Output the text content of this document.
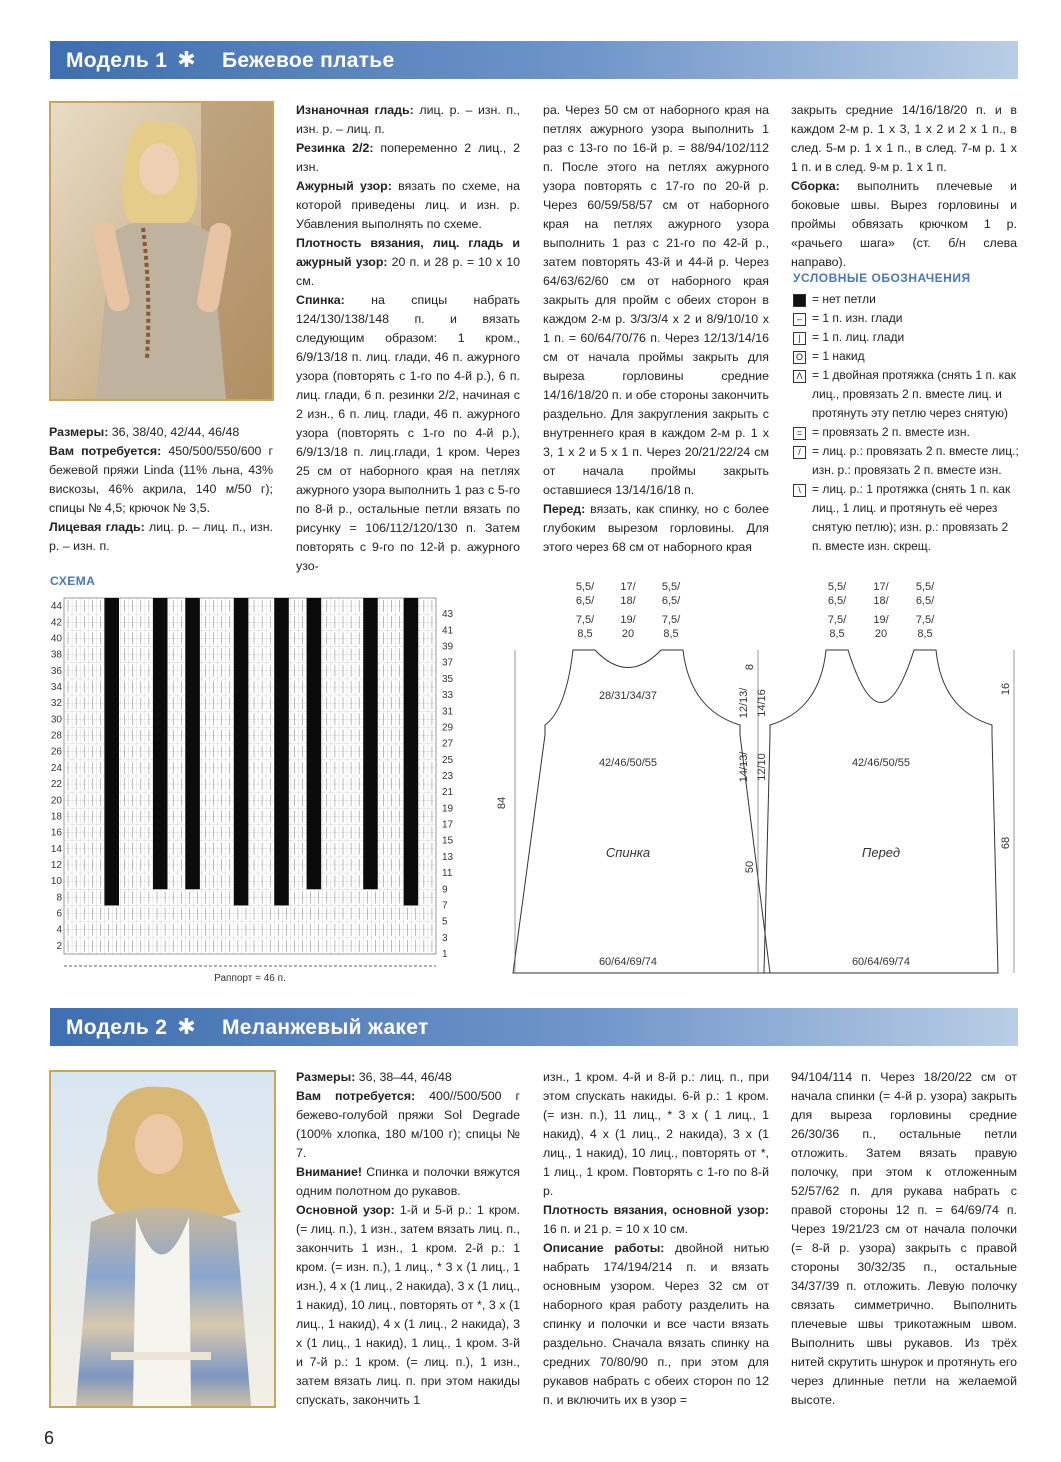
Модель 1 ✱ Бежевое платье

Размеры: 36, 38/40, 42/44, 46/48

Вам потребуется: 450/500/550/600 г бежевой пряжи Linda (11% льна, 43% вискозы, 46% акрила, 140 м/50 г); спицы № 4,5; крючок № 3,5.

Лицевая гладь: лиц. р. – лиц. п., изн. р. – изн. п.

Изнаночная гладь: лиц. р. – изн. п., изн. р. – лиц. п.

Резинка 2/2: попеременно 2 лиц., 2 изн.

Ажурный узор: вязать по схеме, на которой приведены лиц. и изн. р. Убавления выполнять по схеме.

Плотность вязания, лиц. гладь и ажурный узор: 20 п. и 28 р. = 10 х 10 см.

Спинка: на спицы набрать 124/130/138/148 п. и вязать следующим образом: 1 кром., 6/9/13/18 п. лиц. глади, 46 п. ажурного узора (повторять с 1-го по 4-й р.), 6 п. лиц. глади, 6 п. резинки 2/2, начиная с 2 изн., 6 п. лиц. глади, 46 п. ажурного узора (повторять с 1-го по 4-й р.), 6/9/13/18 п. лиц.глади, 1 кром. Через 25 см от наборного края на петлях ажурного узора выполнить 1 раз с 5-го по 8-й р., остальные петли вязать по рисунку = 106/112/120/130 п. Затем повторять с 9-го по 12-й р. ажурного узо-

ра. Через 50 см от наборного края на петлях ажурного узора выполнить 1 раз с 13-го по 16-й р. = 88/94/102/112 п. После этого на петлях ажурного узора повторять с 17-го по 20-й р. Через 60/59/58/57 см от наборного края на петлях ажурного узора выполнить 1 раз с 21-го по 42-й р., затем повторять 43-й и 44-й р. Через 64/63/62/60 см от наборного края закрыть для пройм с обеих сторон в каждом 2-м р. 3/3/3/4 х 2 и 8/9/10/10 х 1 п. = 60/64/70/76 п. Через 12/13/14/16 см от начала проймы закрыть для выреза горловины средние 14/16/18/20 п. и обе стороны закончить раздельно. Для закругления закрыть с внутреннего края в каждом 2-м р. 1 х 3, 1 х 2 и 5 х 1 п. Через 20/21/22/24 см от начала проймы закрыть оставшиеся 13/14/16/18 п.

Перед: вязать, как спинку, но с более глубоким вырезом горловины. Для этого через 68 см от наборного края

закрыть средние 14/16/18/20 п. и в каждом 2-м р. 1 х 3, 1 х 2 и 2 х 1 п., в след. 5-м р. 1 х 1 п., в след. 7-м р. 1 х 1 п. и в след. 9-м р. 1 х 1 п.

Сборка: выполнить плечевые и боковые швы. Вырез горловины и проймы обвязать крючком 1 р. «рачьего шага» (ст. б/н слева направо).

УСЛОВНЫЕ ОБОЗНАЧЕНИЯ
= нет петли
– = 1 п. изн. глади
| = 1 п. лиц. глади
O = 1 накид
Λ = 1 двойная протяжка (снять 1 п. как лиц., провязать 2 п. вместе лиц. и протянуть эту петлю через снятую)
= = провязать 2 п. вместе изн.
/ = лиц. р.: провязать 2 п. вместе лиц.; изн. р.: провязать 2 п. вместе изн.
\ = лиц. р.: 1 протяжка (снять 1 п. как лиц., 1 лиц. и протянуть её через снятую петлю); изн. р.: провязать 2 п. вместе изн. скрещ.
СХЕМА
44
42
40
38
36
34
32
30
28
26
24
22
20
18
16
14
12
10
8
6
4
2
43
41
39
37
35
33
31
29
27
25
23
21
19
17
15
13
11
9
7
5
3
1
Раппорт = 46 п.
5,5/
6,5/
7,5/
8,5
17/
18/
19/
20
5,5/
6,5/
7,5/
8,5
28/31/34/37
42/46/50/55
Спинка
60/64/69/74
84
8
12/13/ 14/16
14/13/ 12/10
50
5,5/
6,5/
7,5/
8,5
17/
18/
19/
20
5,5/
6,5/
7,5/
8,5
42/46/50/55
Перед
60/64/69/74
16
68
Модель 2 ✱ Меланжевый жакет

Размеры: 36, 38–44, 46/48

Вам потребуется: 400//500/500 г бежево-голубой пряжи Sol Degrade (100% хлопка, 180 м/100 г); спицы № 7.

Внимание! Спинка и полочки вяжутся одним полотном до рукавов.

Основной узор: 1-й и 5-й р.: 1 кром. (= лиц. п.), 1 изн., затем вязать лиц. п., закончить 1 изн., 1 кром. 2-й р.: 1 кром. (= изн. п.), 1 лиц., * 3 х (1 лиц., 1 изн.), 4 х (1 лиц., 2 накида), 3 х (1 лиц., 1 накид), 10 лиц., повторять от *, 3 х (1 лиц., 1 накид), 4 х (1 лиц., 2 накида), 3 х (1 лиц., 1 накид), 1 лиц., 1 кром. 3-й и 7-й р.: 1 кром. (= лиц. п.), 1 изн., затем вязать лиц. п. при этом накиды спускать, закончить 1

изн., 1 кром. 4-й и 8-й р.: лиц. п., при этом спускать накиды. 6-й р.: 1 кром. (= изн. п.), 11 лиц., * 3 х ( 1 лиц., 1 накид), 4 х (1 лиц., 2 накида), 3 х (1 лиц., 1 накид), 10 лиц., повторять от *, 1 лиц., 1 кром. Повторять с 1-го по 8-й р.

Плотность вязания, основной узор: 16 п. и 21 р. = 10 х 10 см.

Описание работы: двойной нитью набрать 174/194/214 п. и вязать основным узором. Через 32 см от наборного края работу разделить на спинку и полочки и все части вязать раздельно. Сначала вязать спинку на средних 70/80/90 п., при этом для рукавов набрать с обеих сторон по 12 п. и включить их в узор =

94/104/114 п. Через 18/20/22 см от начала спинки (= 4-й р. узора) закрыть для выреза горловины средние 26/30/36 п., остальные петли отложить. Затем вязать правую полочку, при этом к отложенным 52/57/62 п. для рукава набрать с правой стороны 12 п. = 64/69/74 п. Через 19/21/23 см от начала полочки (= 8-й р. узора) закрыть с правой стороны 30/32/35 п., остальные 34/37/39 п. отложить. Левую полочку связать симметрично. Выполнить плечевые швы трикотажным швом. Выполнить швы рукавов. Из трёх нитей скрутить шнурок и протянуть его через длинные петли на желаемой высоте.

6
